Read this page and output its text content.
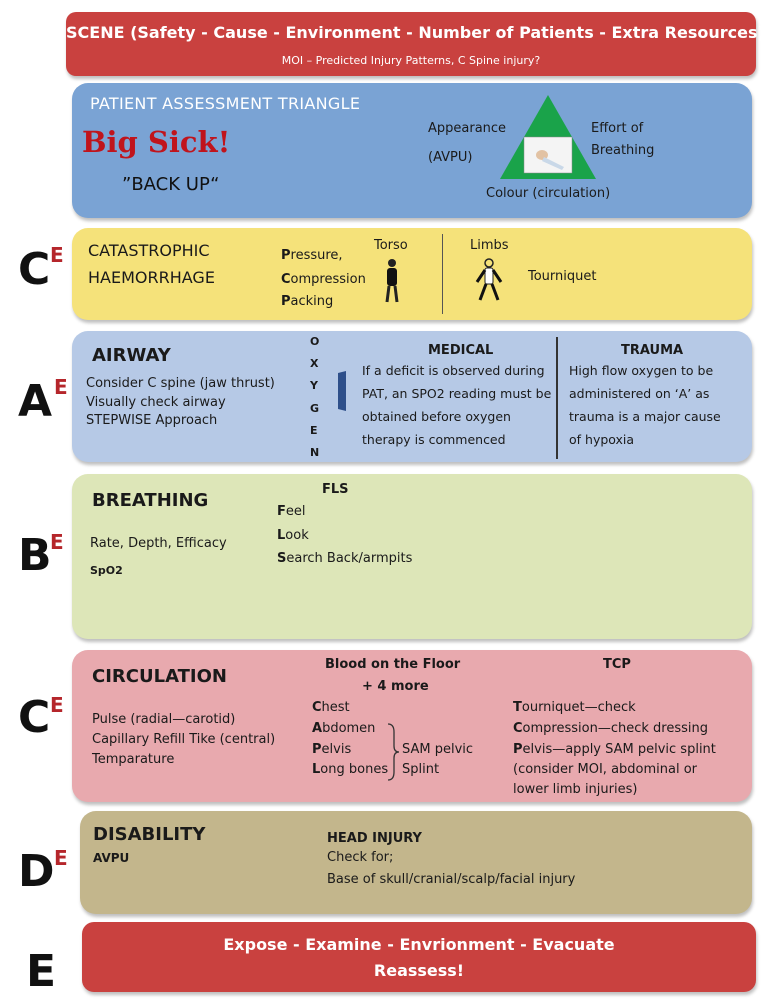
SCENE (Safety - Cause - Environment - Number of Patients - Extra Resources)
MOI – Predicted Injury Patterns, C Spine injury?
PATIENT ASSESSMENT TRIANGLE
Big Sick!
”BACK UP“
Appearance
(AVPU)
Effort of
Breathing
Colour (circulation)
C E CATASTROPHIC
HAEMORRHAGE
Pressure,
Compression
Packing
Torso	Limbs
Tourniquet
A E
AIRWAY
Consider C spine (jaw thrust)
Visually check airway
STEPWISE Approach
O
X
Y
G
E
N
MEDICAL
If a deficit is observed during
PAT, an SPO2 reading must be
obtained before oxygen
therapy is commenced
TRAUMA
High flow oxygen to be
administered on ‘A’ as
trauma is a major cause
of hypoxia
B
E
BREATHING
Rate, Depth, Efficacy
SpO2
FLS
Feel
Look
Search Back/armpits
C E
CIRCULATION
Pulse (radial—carotid)
Capillary Refill Tike (central)
Temparature
Blood on the Floor
+ 4 more
Chest
Abdomen
Pelvis
Long bones
SAM pelvic
Splint
TCP
Tourniquet—check
Compression—check dressing
Pelvis—apply SAM pelvic splint
(consider MOI, abdominal or
lower limb injuries)
D E
DISABILITY
AVPU
HEAD INJURY
Check for;
Base of skull/cranial/scalp/facial injury
E
Expose - Examine - Envrionment - Evacuate
Reassess!
